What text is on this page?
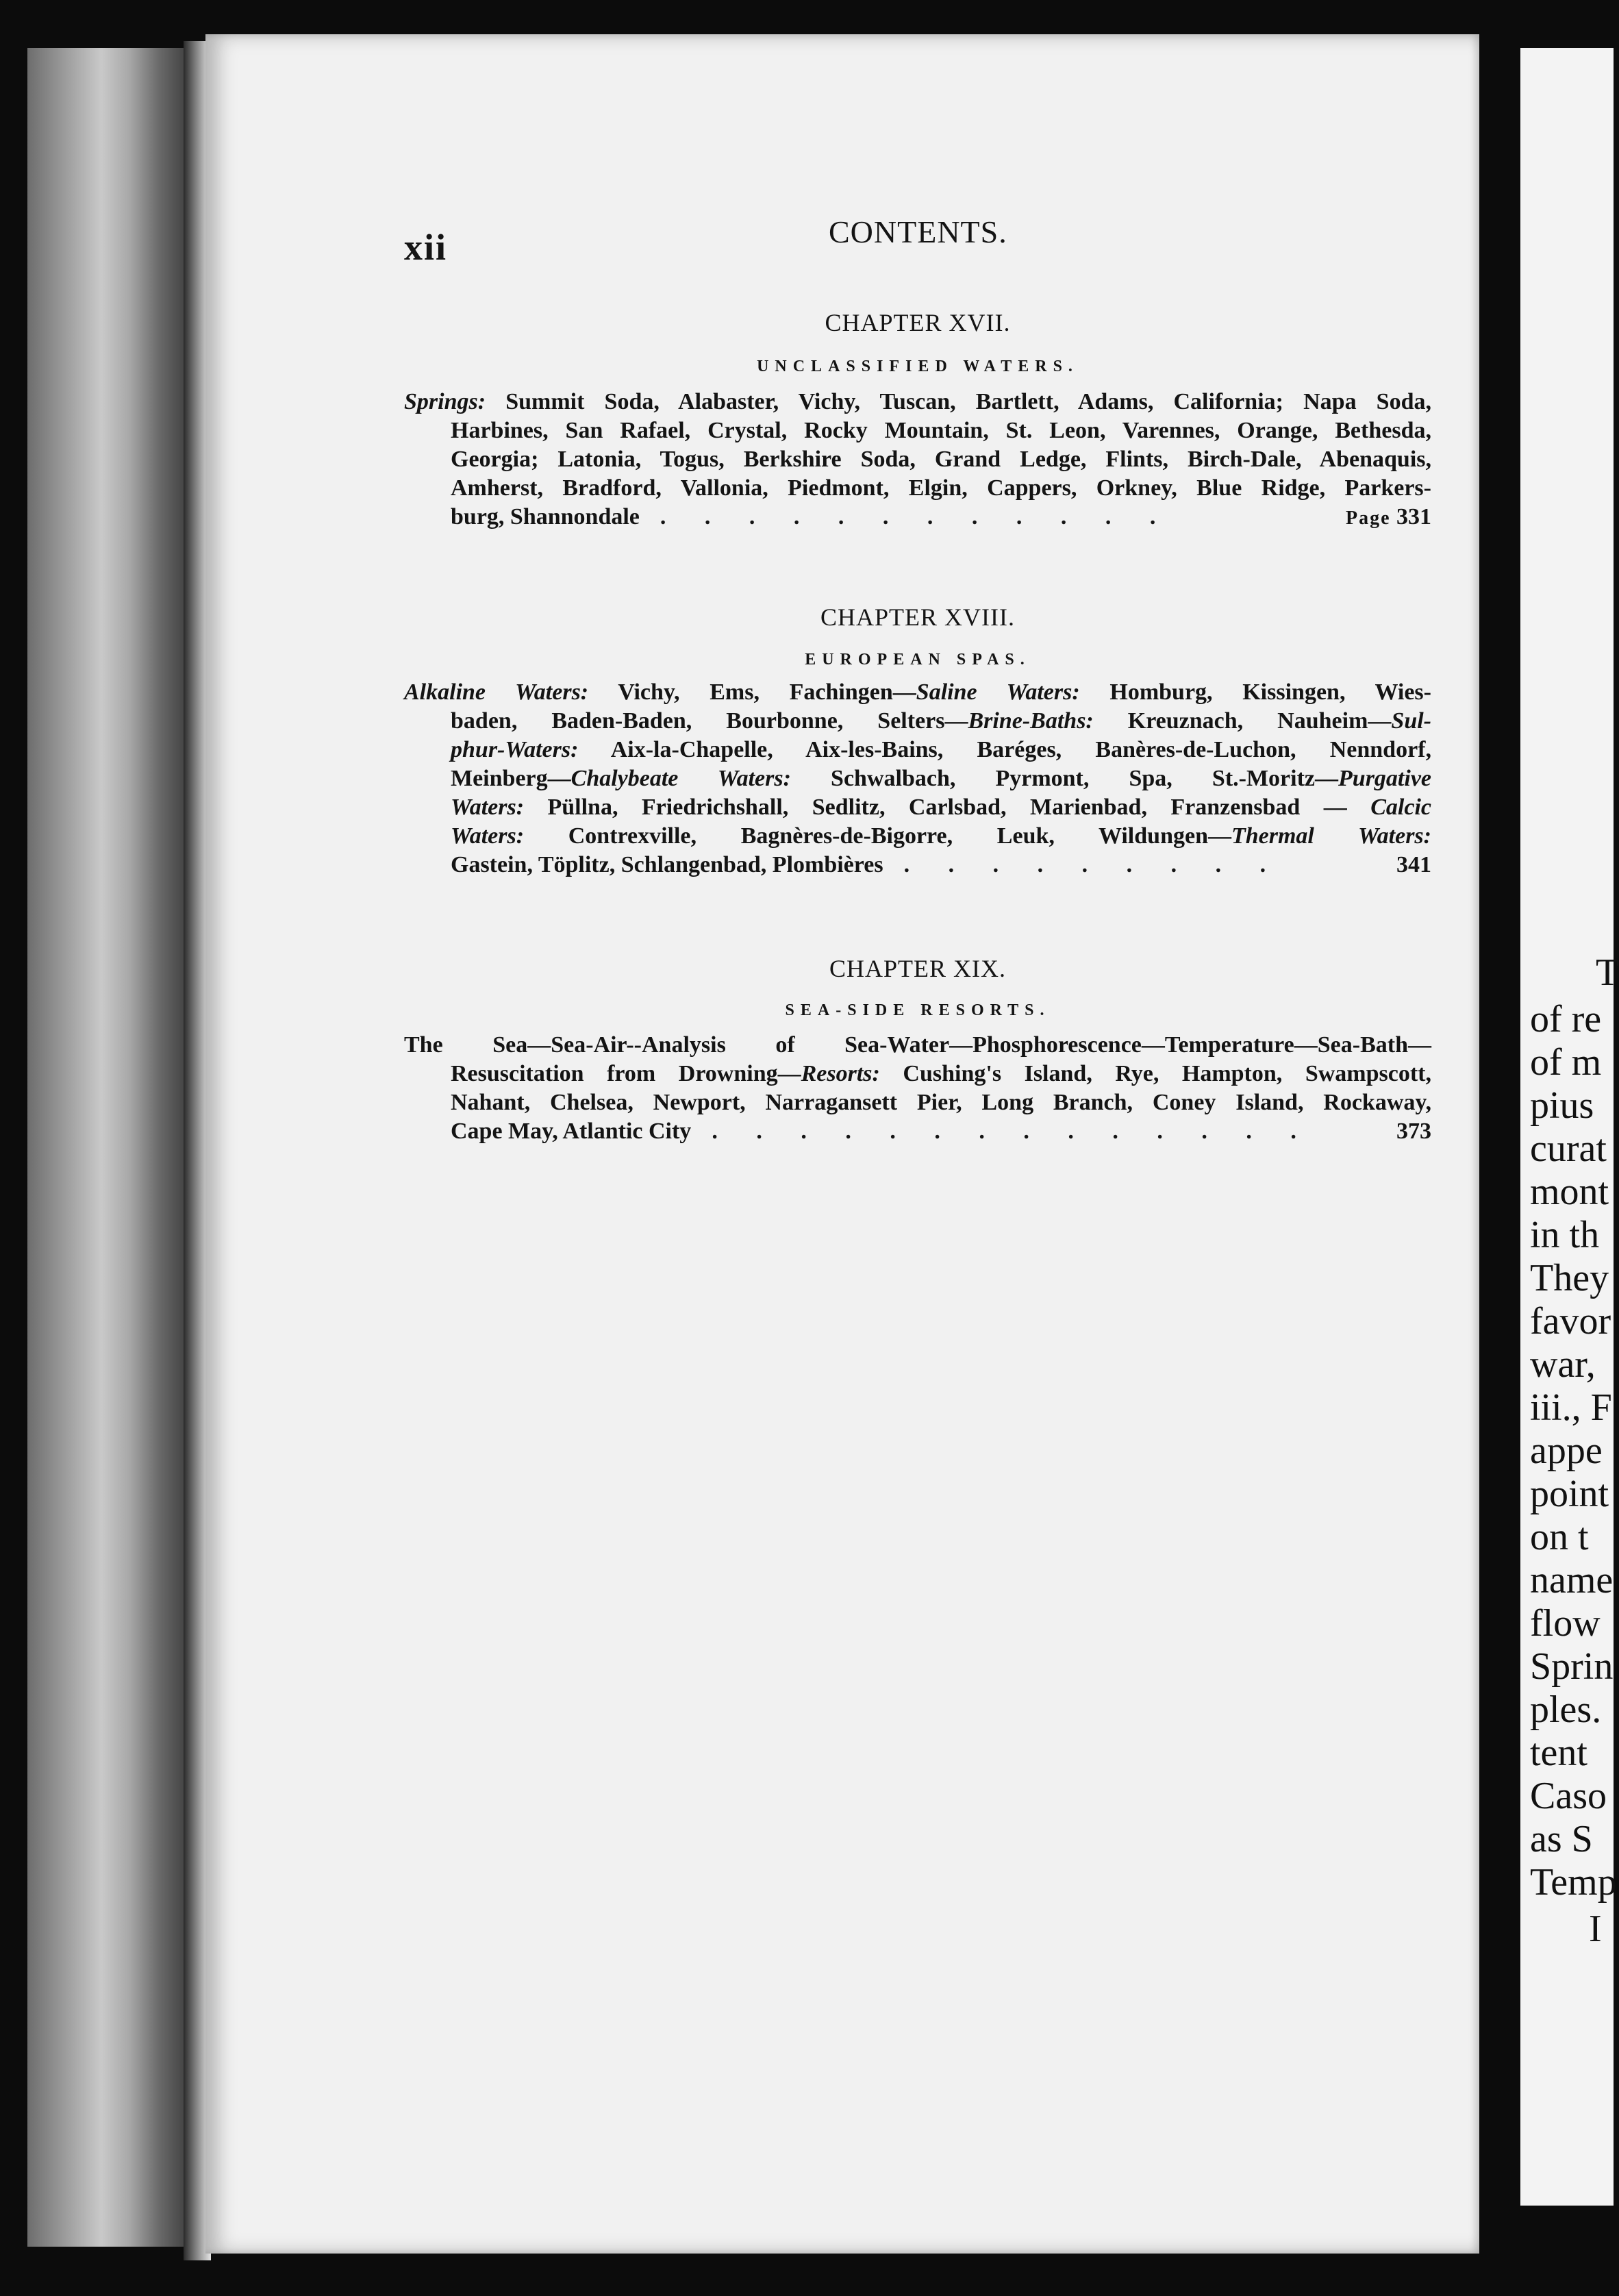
xii	CONTENTS.
CHAPTER XVII.
UNCLASSIFIED WATERS.
Springs: Summit Soda, Alabaster, Vichy, Tuscan, Bartlett, Adams, California; Napa Soda,
Harbines, San Rafael, Crystal, Rocky Mountain, St. Leon, Varennes, Orange, Bethesda,
Georgia; Latonia, Togus, Berkshire Soda, Grand Ledge, Flints, Birch-Dale, Abenaquis,
Amherst, Bradford, Vallonia, Piedmont, Elgin, Cappers, Orkney, Blue Ridge, Parkers-
burg, Shannondale . . . . . . . . . . . .	Page 331
CHAPTER XVIII.
EUROPEAN SPAS.
Alkaline Waters: Vichy, Ems, Fachingen—Saline Waters: Homburg, Kissingen, Wies-
baden, Baden-Baden, Bourbonne, Selters—Brine-Baths: Kreuznach, Nauheim—Sul-
phur-Waters: Aix-la-Chapelle, Aix-les-Bains, Baréges, Banères-de-Luchon, Nenndorf,
Meinberg—Chalybeate Waters: Schwalbach, Pyrmont, Spa, St.-Moritz—Purgative
Waters: Püllna, Friedrichshall, Sedlitz, Carlsbad, Marienbad, Franzensbad — Calcic
Waters: Contrexville, Bagnères-de-Bigorre, Leuk, Wildungen—Thermal Waters:
Gastein, Töplitz, Schlangenbad, Plombières . . . . . . . . .	341
CHAPTER XIX.
SEA-SIDE RESORTS.
The Sea—Sea-Air--Analysis of Sea-Water—Phosphorescence—Temperature—Sea-Bath—
Resuscitation from Drowning—Resorts: Cushing's Island, Rye, Hampton, Swampscott,
Nahant, Chelsea, Newport, Narragansett Pier, Long Branch, Coney Island, Rockaway,
Cape May, Atlantic City . . . . . . . . . . . . . .	373
T
of re
of m
pius
curat
mont
in th
They
favor
war,
iii., F
appe
point
on t
name
flow
Sprin
ples.
tent
Caso
as S
Temp
I
